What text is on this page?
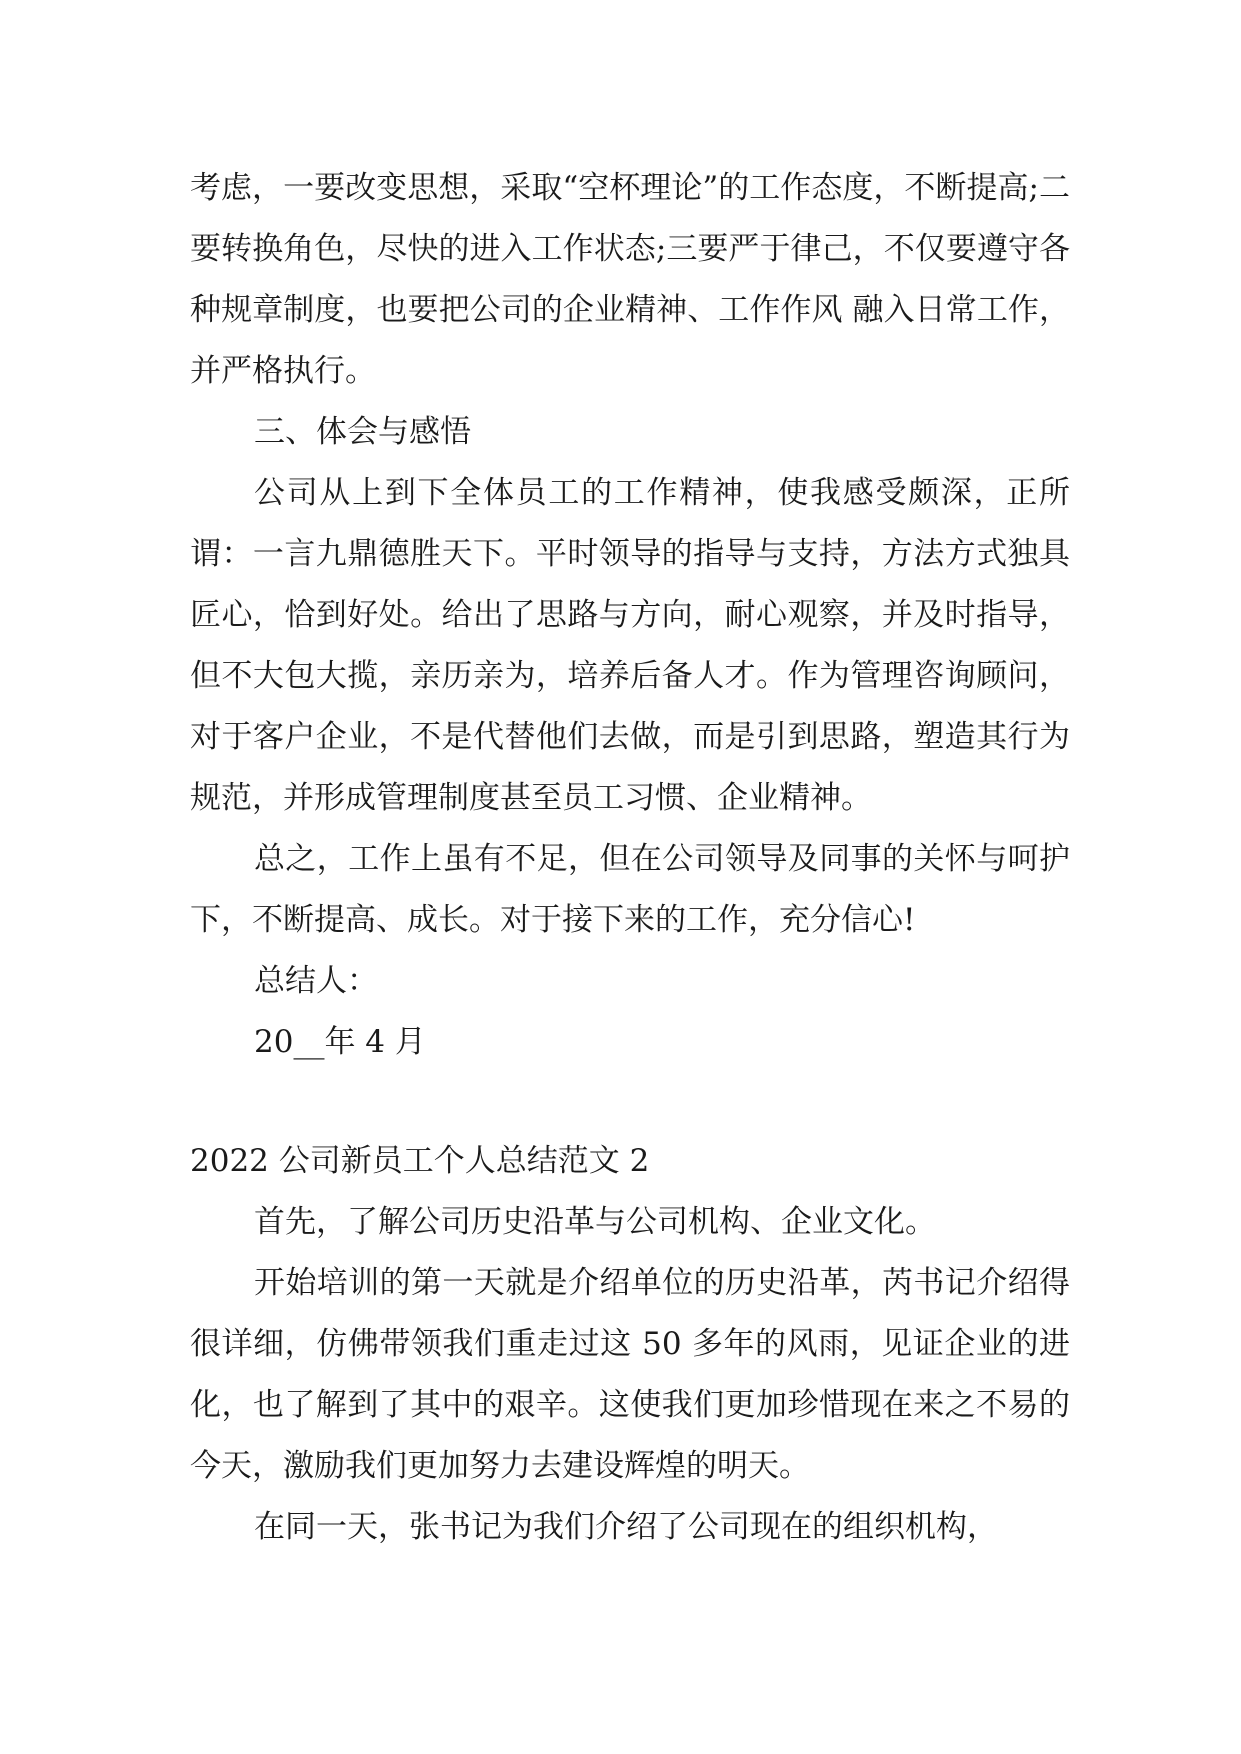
考虑，一要改变思想，采取“空杯理论”的工作态度，不断提高;二要转换角色，尽快的进入工作状态;三要严于律己，不仅要遵守各种规章制度，也要把公司的企业精神、工作作风 融入日常工作，并严格执行。

三、体会与感悟

公司从上到下全体员工的工作精神，使我感受颇深，正所谓：一言九鼎德胜天下。平时领导的指导与支持，方法方式独具匠心，恰到好处。给出了思路与方向，耐心观察，并及时指导，但不大包大揽，亲历亲为，培养后备人才。作为管理咨询顾问，对于客户企业，不是代替他们去做，而是引到思路，塑造其行为规范，并形成管理制度甚至员工习惯、企业精神。

总之，工作上虽有不足，但在公司领导及同事的关怀与呵护下，不断提高、成长。对于接下来的工作，充分信心!

总结人：

20__年 4 月

2022 公司新员工个人总结范文 2

首先，了解公司历史沿革与公司机构、企业文化。

开始培训的第一天就是介绍单位的历史沿革，芮书记介绍得很详细，仿佛带领我们重走过这 50 多年的风雨，见证企业的进化，也了解到了其中的艰辛。这使我们更加珍惜现在来之不易的今天，激励我们更加努力去建设辉煌的明天。

在同一天，张书记为我们介绍了公司现在的组织机构，
